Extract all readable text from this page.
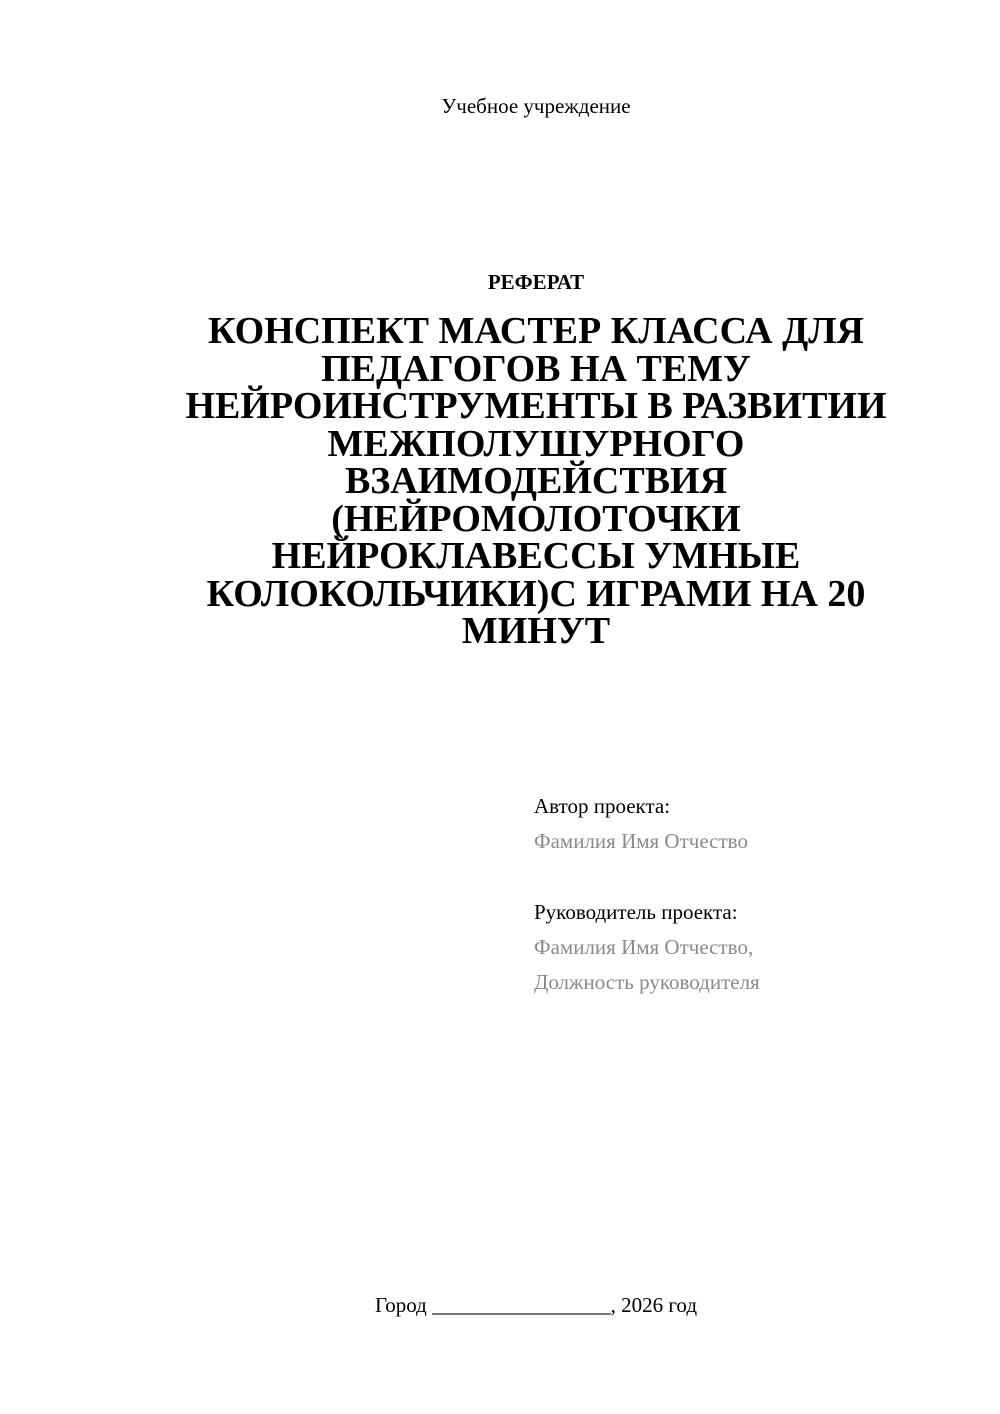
Учебное учреждение
РЕФЕРАТ
КОНСПЕКТ МАСТЕР КЛАССА ДЛЯ
ПЕДАГОГОВ НА ТЕМУ
НЕЙРОИНСТРУМЕНТЫ В РАЗВИТИИ
МЕЖПОЛУШУРНОГО
ВЗАИМОДЕЙСТВИЯ
(НЕЙРОМОЛОТОЧКИ
НЕЙРОКЛАВЕССЫ УМНЫЕ
КОЛОКОЛЬЧИКИ)С ИГРАМИ НА 20
МИНУТ
Автор проекта:
Фамилия Имя Отчество
Руководитель проекта:
Фамилия Имя Отчество,
Должность руководителя
Город _________________, 2026 год
